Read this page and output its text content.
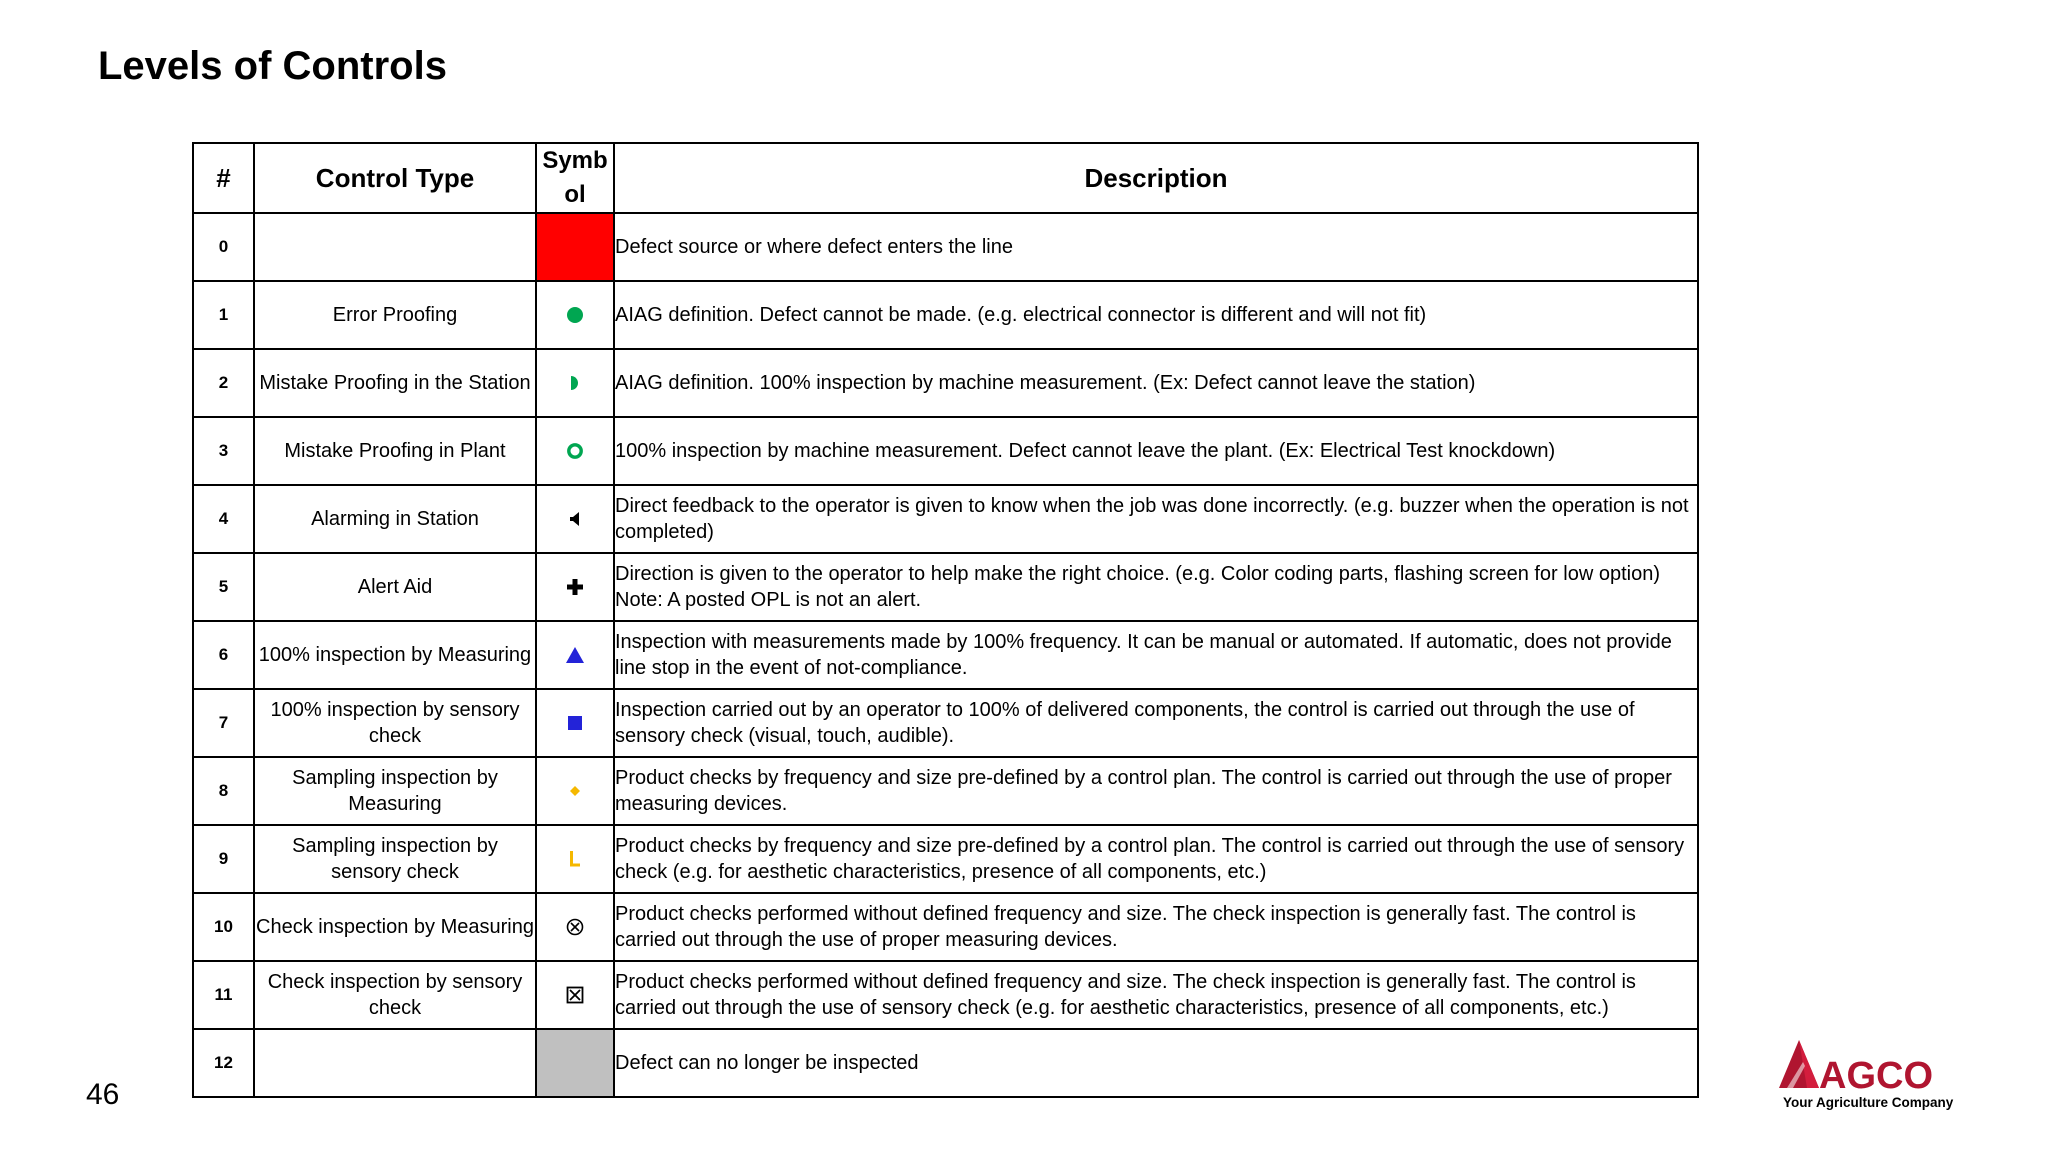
Levels of Controls
#	Control Type	Symb ol	Description
0			Defect source or where defect enters the line
1	Error Proofing		AIAG definition. Defect cannot be made. (e.g. electrical connector is different and will not fit)
2	Mistake Proofing in the Station		AIAG definition. 100% inspection by machine measurement. (Ex: Defect cannot leave the station)
3	Mistake Proofing in Plant		100% inspection by machine measurement. Defect cannot leave the plant. (Ex: Electrical Test knockdown)
4	Alarming in Station		Direct feedback to the operator is given to know when the job was done incorrectly. (e.g. buzzer when the operation is not completed)
5	Alert Aid		Direction is given to the operator to help make the right choice. (e.g. Color coding parts, flashing screen for low option) Note: A posted OPL is not an alert.
6	100% inspection by Measuring		Inspection with measurements made by 100% frequency. It can be manual or automated. If automatic, does not provide line stop in the event of not-compliance.
7	100% inspection by sensory check		Inspection carried out by an operator to 100% of delivered components, the control is carried out through the use of sensory check (visual, touch, audible).
8	Sampling inspection by Measuring		Product checks by frequency and size pre-defined by a control plan. The control is carried out through the use of proper measuring devices.
9	Sampling inspection by sensory check		Product checks by frequency and size pre-defined by a control plan. The control is carried out through the use of sensory check (e.g. for aesthetic characteristics, presence of all components, etc.)
10	Check inspection by Measuring		Product checks performed without defined frequency and size. The check inspection is generally fast. The control is carried out through the use of proper measuring devices.
11	Check inspection by sensory check		Product checks performed without defined frequency and size. The check inspection is generally fast. The control is carried out through the use of sensory check (e.g. for aesthetic characteristics, presence of all components, etc.)
12			Defect can no longer be inspected
46	AGCO
Your Agriculture Company
